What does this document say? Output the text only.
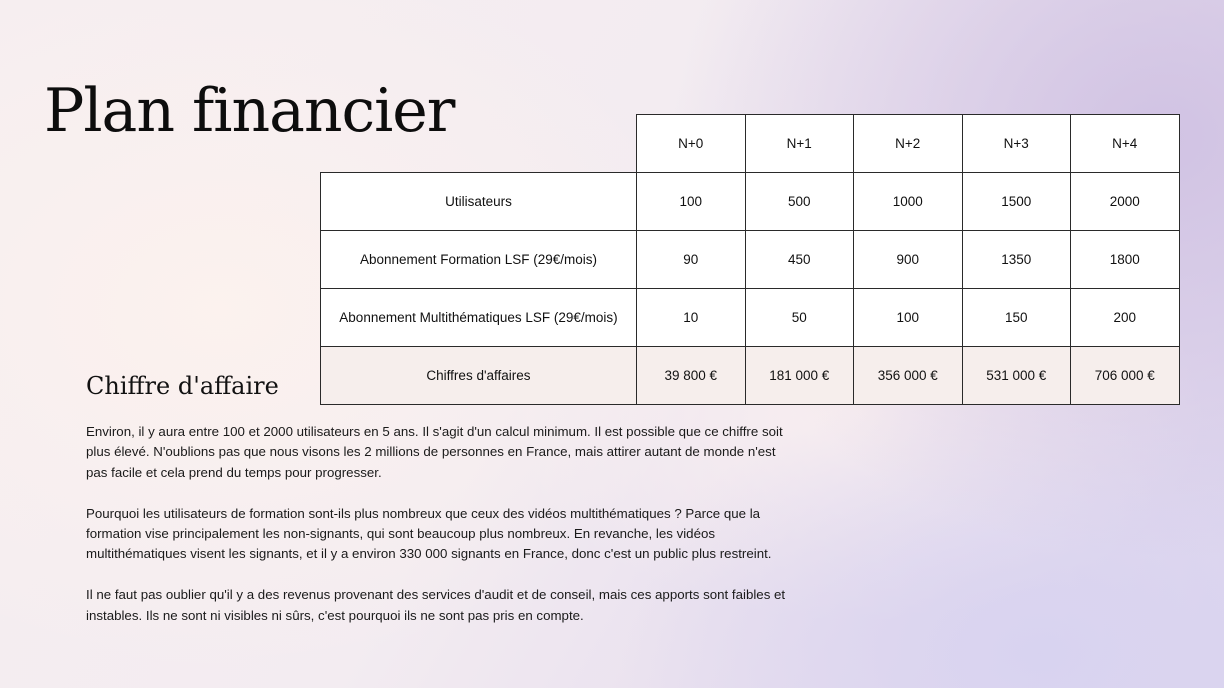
Plan financier
		N+0	N+1	N+2	N+3	N+4
Utilisateurs	100	500	1000	1500	2000
Abonnement Formation LSF (29€/mois)	90	450	900	1350	1800
Abonnement Multithématiques LSF (29€/mois)	10	50	100	150	200
Chiffres d'affaires	39 800 €	181 000 €	356 000 €	531 000 €	706 000 €
Chiffre d'affaire

Environ, il y aura entre 100 et 2000 utilisateurs en 5 ans. Il s'agit d'un calcul minimum. Il est possible que ce chiffre soit plus élevé. N'oublions pas que nous visons les 2 millions de personnes en France, mais attirer autant de monde n'est pas facile et cela prend du temps pour progresser.

Pourquoi les utilisateurs de formation sont-ils plus nombreux que ceux des vidéos multithématiques ? Parce que la formation vise principalement les non-signants, qui sont beaucoup plus nombreux. En revanche, les vidéos multithématiques visent les signants, et il y a environ 330 000 signants en France, donc c'est un public plus restreint.

Il ne faut pas oublier qu'il y a des revenus provenant des services d'audit et de conseil, mais ces apports sont faibles et instables. Ils ne sont ni visibles ni sûrs, c'est pourquoi ils ne sont pas pris en compte.
